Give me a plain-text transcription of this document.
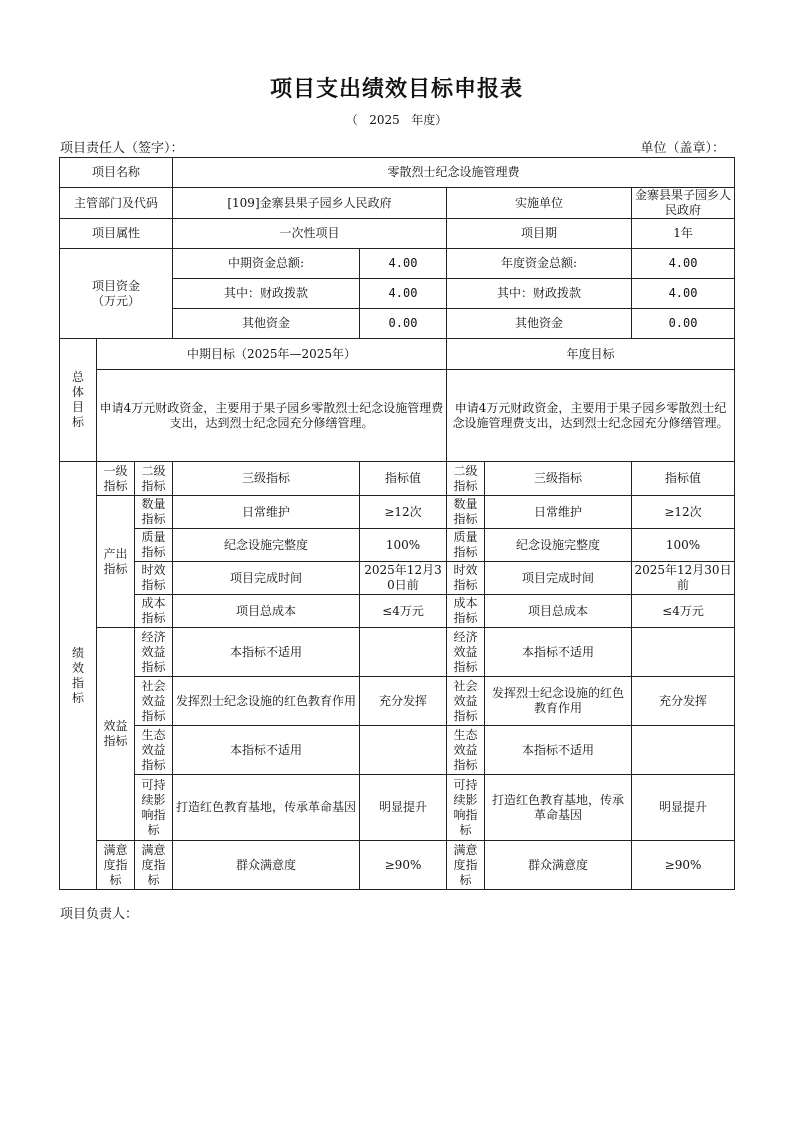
项目支出绩效目标申报表
（   2025   年度）
项目责任人（签字）：	单位（盖章）：
项目名称			零散烈士纪念设施管理费				
主管部门及代码			[109]金寨县果子园乡人民政府		实施单位		金寨县果子园乡人民政府
项目属性			一次性项目		项目期		1年
项目资金（万元）			中期资金总额:	4.00	年度资金总额:		4.00
			其中：财政拨款	4.00	其中：财政拨款		4.00
			其他资金	0.00	其他资金		0.00
总体目标	中期目标（2025年—2025年）				年度目标		
	申请4万元财政资金，主要用于果子园乡零散烈士纪念设施管理费支出，达到烈士纪念园充分修缮管理。				申请4万元财政资金，主要用于果子园乡零散烈士纪念设施管理费支出，达到烈士纪念园充分修缮管理。		
绩效指标	一级指标	二级指标	三级指标	指标值	二级指标	三级指标	指标值
	产出指标	数量指标	日常维护	≥12次	数量指标	日常维护	≥12次
		质量指标	纪念设施完整度	100%	质量指标	纪念设施完整度	100%
		时效指标	项目完成时间	2025年12月30日前	时效指标	项目完成时间	2025年12月30日前
		成本指标	项目总成本	≤4万元	成本指标	项目总成本	≤4万元
	效益指标	经济效益指标	本指标不适用		经济效益指标	本指标不适用	
		社会效益指标	发挥烈士纪念设施的红色教育作用	充分发挥	社会效益指标	发挥烈士纪念设施的红色教育作用	充分发挥
		生态效益指标	本指标不适用		生态效益指标	本指标不适用	
		可持续影响指标	打造红色教育基地，传承革命基因	明显提升	可持续影响指标	打造红色教育基地，传承革命基因	明显提升
	满意度指标	满意度指标	群众满意度	≥90%	满意度指标	群众满意度	≥90%
项目负责人：
